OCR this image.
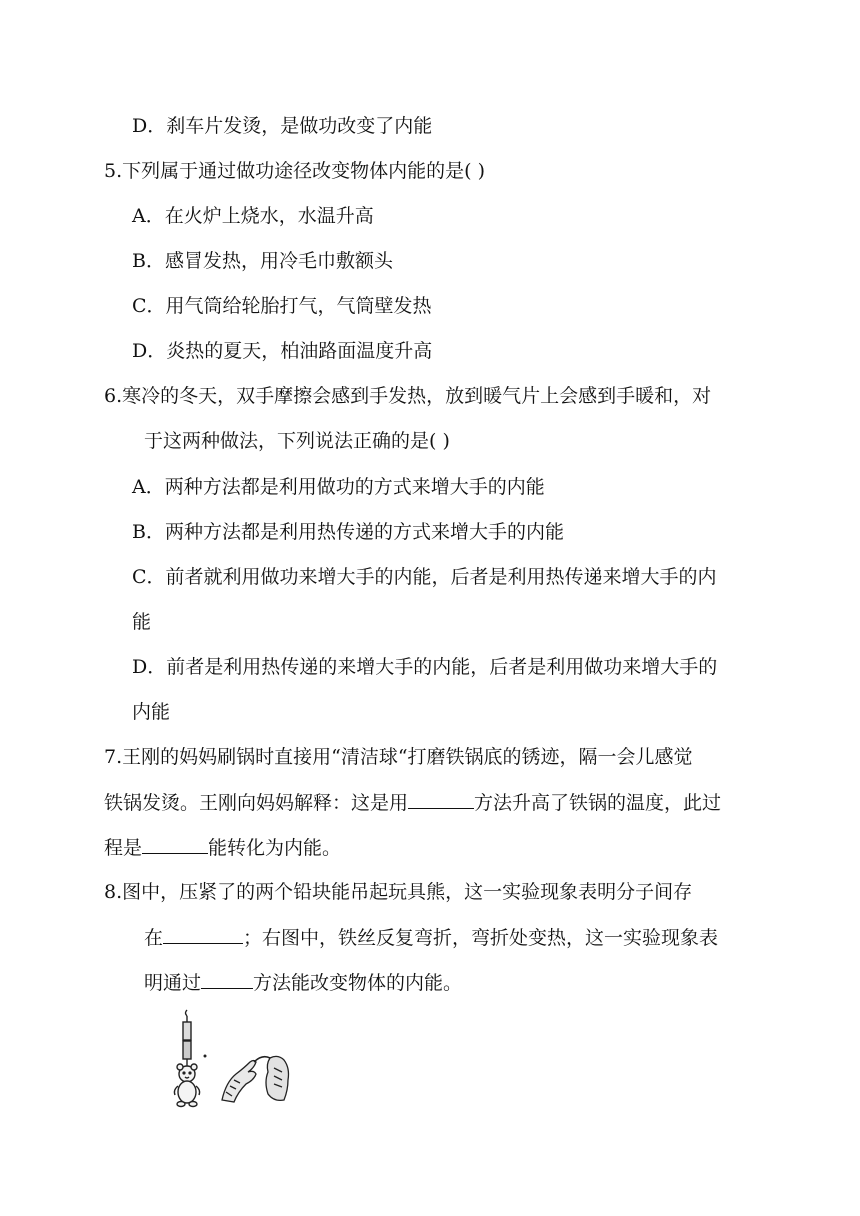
D．刹车片发烫，是做功改变了内能
5.下列属于通过做功途径改变物体内能的是( )
A．在火炉上烧水，水温升高
B．感冒发热，用冷毛巾敷额头
C．用气筒给轮胎打气，气筒壁发热
D．炎热的夏天，柏油路面温度升高
6.寒冷的冬天，双手摩擦会感到手发热，放到暖气片上会感到手暖和，对
于这两种做法，下列说法正确的是( )
A．两种方法都是利用做功的方式来增大手的内能
B．两种方法都是利用热传递的方式来增大手的内能
C．前者就利用做功来增大手的内能，后者是利用热传递来增大手的内
能
D．前者是利用热传递的来增大手的内能，后者是利用做功来增大手的
内能
7.王刚的妈妈刷锅时直接用“清洁球“打磨铁锅底的锈迹，隔一会儿感觉
铁锅发烫。王刚向妈妈解释：这是用	方法升高了铁锅的温度，此过
程是	能转化为内能。
8.图中，压紧了的两个铅块能吊起玩具熊，这一实验现象表明分子间存
在	；右图中，铁丝反复弯折，弯折处变热，这一实验现象表
明通过	方法能改变物体的内能。
